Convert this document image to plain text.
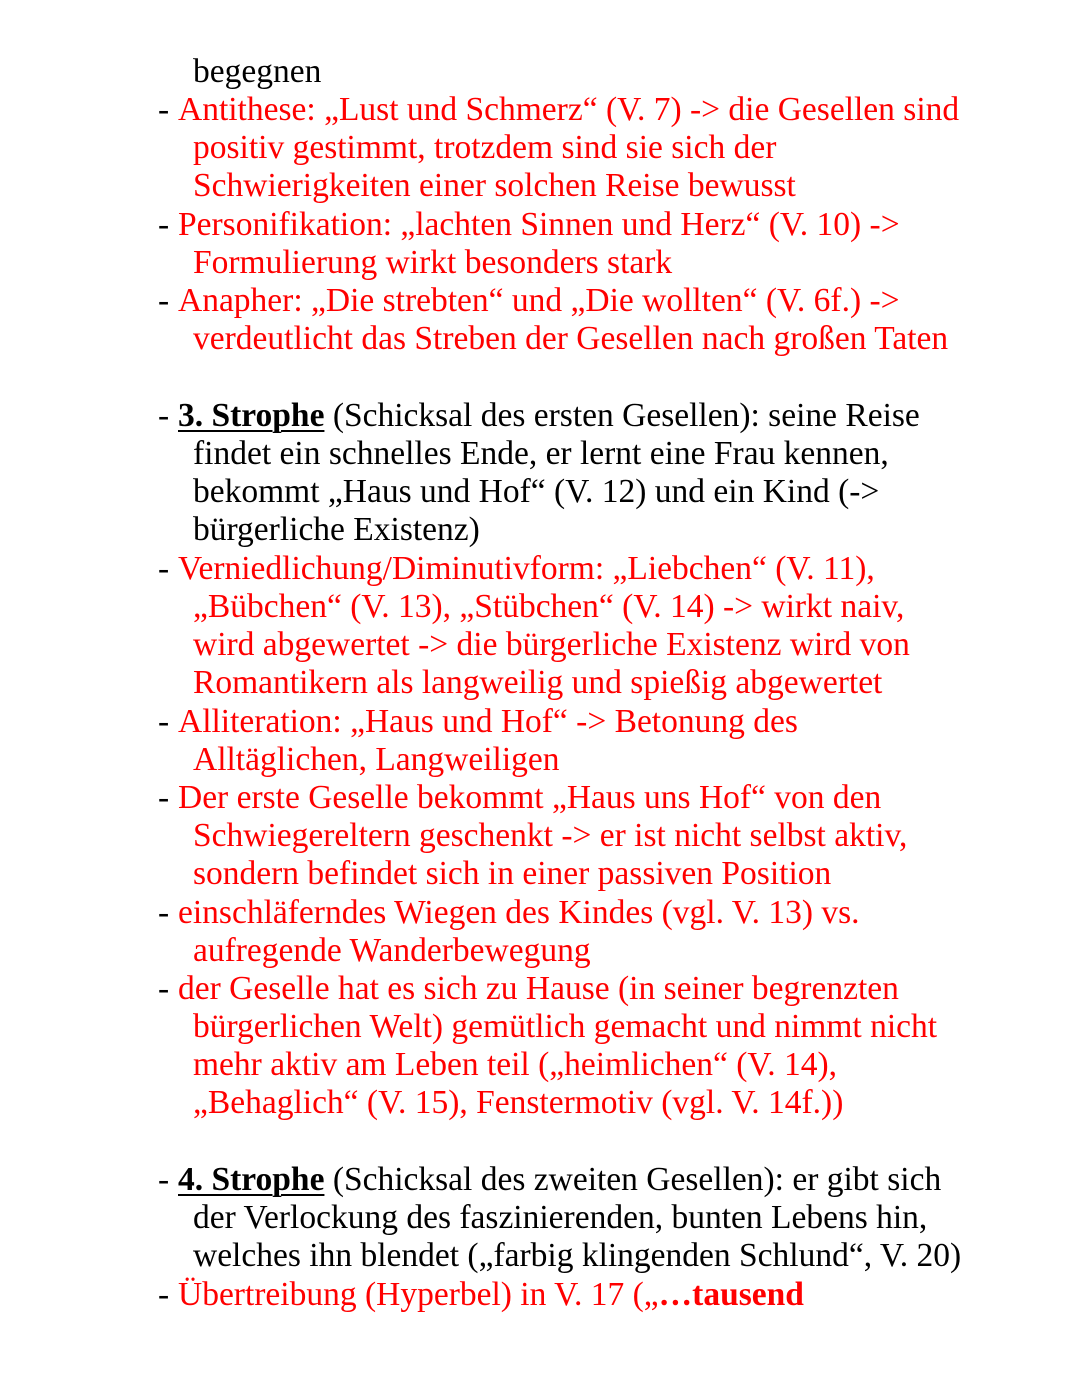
begegnen
- Antithese: „Lust und Schmerz“ (V. 7) -> die Gesellen sind
positiv gestimmt, trotzdem sind sie sich der
Schwierigkeiten einer solchen Reise bewusst
- Personifikation: „lachten Sinnen und Herz“ (V. 10) ->
Formulierung wirkt besonders stark
- Anapher: „Die strebten“ und „Die wollten“ (V. 6f.) ->
verdeutlicht das Streben der Gesellen nach großen Taten
- 3. Strophe (Schicksal des ersten Gesellen): seine Reise
findet ein schnelles Ende, er lernt eine Frau kennen,
bekommt „Haus und Hof“ (V. 12) und ein Kind (->
bürgerliche Existenz)
- Verniedlichung/Diminutivform: „Liebchen“ (V. 11),
„Bübchen“ (V. 13), „Stübchen“ (V. 14) -> wirkt naiv,
wird abgewertet -> die bürgerliche Existenz wird von
Romantikern als langweilig und spießig abgewertet
- Alliteration: „Haus und Hof“ -> Betonung des
Alltäglichen, Langweiligen
- Der erste Geselle bekommt „Haus uns Hof“ von den
Schwiegereltern geschenkt -> er ist nicht selbst aktiv,
sondern befindet sich in einer passiven Position
- einschläferndes Wiegen des Kindes (vgl. V. 13) vs.
aufregende Wanderbewegung
- der Geselle hat es sich zu Hause (in seiner begrenzten
bürgerlichen Welt) gemütlich gemacht und nimmt nicht
mehr aktiv am Leben teil („heimlichen“ (V. 14),
„Behaglich“ (V. 15), Fenstermotiv (vgl. V. 14f.))
- 4. Strophe (Schicksal des zweiten Gesellen): er gibt sich
der Verlockung des faszinierenden, bunten Lebens hin,
welches ihn blendet („farbig klingenden Schlund“, V. 20)
- Übertreibung (Hyperbel) in V. 17 („…tausend
